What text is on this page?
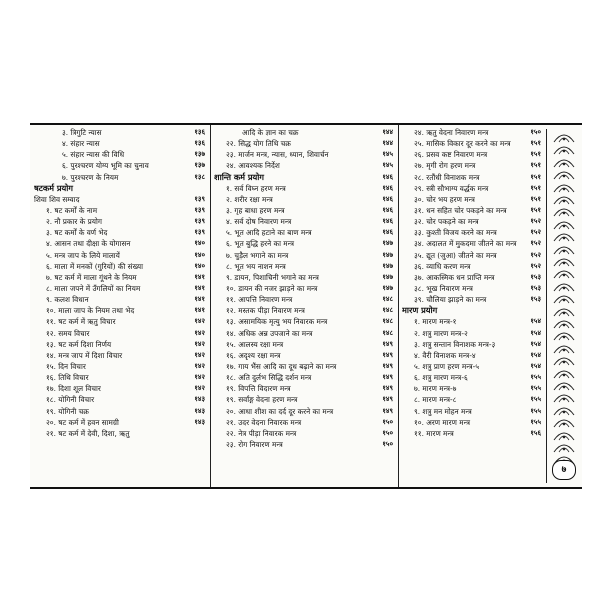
३. त्रिगुटि न्यास	१३६
४. संहार न्यास	१३६
५. संहार न्यास की विधि	१३७
६. पुरश्चरण योग्य भूमि का चुनाव	१३७
७. पुरश्चरण के नियम	१३८
षटकर्म प्रयोग
शिवा शिव सम्वाद	१३९
१. षट कर्मों के नाम	१३९
२. नौ प्रकार के प्रयोग	१३९
३. षट कर्मों के वर्ण भेद	१३९
४. आसन तथा दीक्षा के योगासन	१४०
५. मन्त्र जाप के लिये मालायें	१४०
६. माला में मनकों (गुरियों) की संख्या	१४०
७. षट कर्म में माला गूंथने के नियम	१४१
८. माला जपने में उँगलियों का नियम	१४१
९. कलश विधान	१४१
१०. माला जाप के नियम तथा भेद	१४१
११. षट कर्म में ऋतु विचार	१४२
१२. समय विचार	१४२
१३. षट कर्म दिशा निर्णय	१४२
१४. मन्त्र जाप में दिशा विचार	१४२
१५. दिन विचार	१४२
१६. तिथि विचार	१४२
१७. दिशा शूल विचार	१४२
१८. योगिनी विचार	१४३
१९. योगिनी चक्र	१४३
२०. षट कर्म में हवन सामग्री	१४३
२१. षट कर्म में देवी, दिशा, ऋतु
आदि के ज्ञान का चक्र	१४४
२२. सिद्ध योग तिथि चक्र	१४४
२३. मार्जन मन्त्र, न्यास, ध्यान, शिवार्चन	१४५
२४. आवश्यक निर्देश	१४५
शान्ति कर्म प्रयोग	१४६
१. सर्व विघ्न हरण मन्त्र	१४६
२. शरीर रक्षा मन्त्र	१४६
३. गृह बाधा हरण मन्त्र	१४६
४. सर्व दोष निवारण मन्त्र	१४६
५. भूत आदि हटाने का बाण मन्त्र	१४६
६. भूत बुद्धि हरने का मन्त्र	१४७
७. चुड़ैल भगाने का मन्त्र	१४७
८. भूत भय नाशन मन्त्र	१४७
९. डायन, पिशाचिनी भगाने का मन्त्र	१४७
१०. डायन की नजर झाड़ने का मन्त्र	१४७
११. आपत्ति निवारण मन्त्र	१४८
१२. मस्तक पीड़ा निवारण मन्त्र	१४८
१३. असामयिक मृत्यु भय निवारक मन्त्र	१४८
१४. अधिक अन्न उपजाने का मन्त्र	१४८
१५. आलस्य रक्षा मन्त्र	१४९
१६. अदृश्य रक्षा मन्त्र	१४९
१७. गाय भैंस आदि का दूध बढ़ाने का मन्त्र	१४९
१८. अति दुर्लभ सिद्धि दर्शन मन्त्र	१४९
१९. विपत्ति विदारण मन्त्र	१४९
१९. सर्वांङ्ग वेदना हरण मन्त्र	१४९
२०. आधा शीश का दर्द दूर करने का मन्त्र	१४९
२१. उदर वेदना निवारक मन्त्र	१५०
२२. नेत्र पीड़ा निवारक मन्त्र	१५०
२३. रोग निवारण मन्त्र	१५०
२४. ऋतु वेदना निवारण मन्त्र	१५०
२५. मासिक विकार दूर करने का मन्त्र	१५१
२६. प्रसव कष्ट निवारण मन्त्र	१५१
२७. मृगी रोग हरण मन्त्र	१५१
२८. रतौंधी विनाशक मन्त्र	१५१
२९. स्त्री सौभाग्य वर्द्धक मन्त्र	१५१
३०. चोर भय हरण मन्त्र	१५१
३१. धन सहित चोर पकड़ने का मन्त्र	१५१
३२. चोर पकड़ने का मन्त्र	१५२
३३. कुश्ती विजय करने का मन्त्र	१५२
३४. अदालत में मुकदमा जीतने का मन्त्र १५२
३५. द्यूत (जुआ) जीतने का मन्त्र	१५२
३६. व्याधि करण मन्त्र	१५२
३७. आकस्मिक धन प्राप्ति मन्त्र	१५३
३८. भूख निवारण मन्त्र	१५३
३९. चौलिया झाड़ने का मन्त्र	१५३
मारण प्रयोग
१. मारण मन्त्र-१	१५४
२. शत्रु मारण मन्त्र-२	१५४
३. शत्रु सन्तान विनाशक मन्त्र-३	१५४
४. वैरी विनाशक मन्त्र-४	१५४
५. शत्रु प्राण हरण मन्त्र-५	१५४
६. शत्रु मारण मन्त्र-६	१५५
७. मारण मन्त्र-७	१५५
८. मारण मन्त्र-८	१५५
९. शत्रु मन मोहन मन्त्र	१५५
१०. अरण मारण मन्त्र	१५५
११. मारण मन्त्र	१५६
७
